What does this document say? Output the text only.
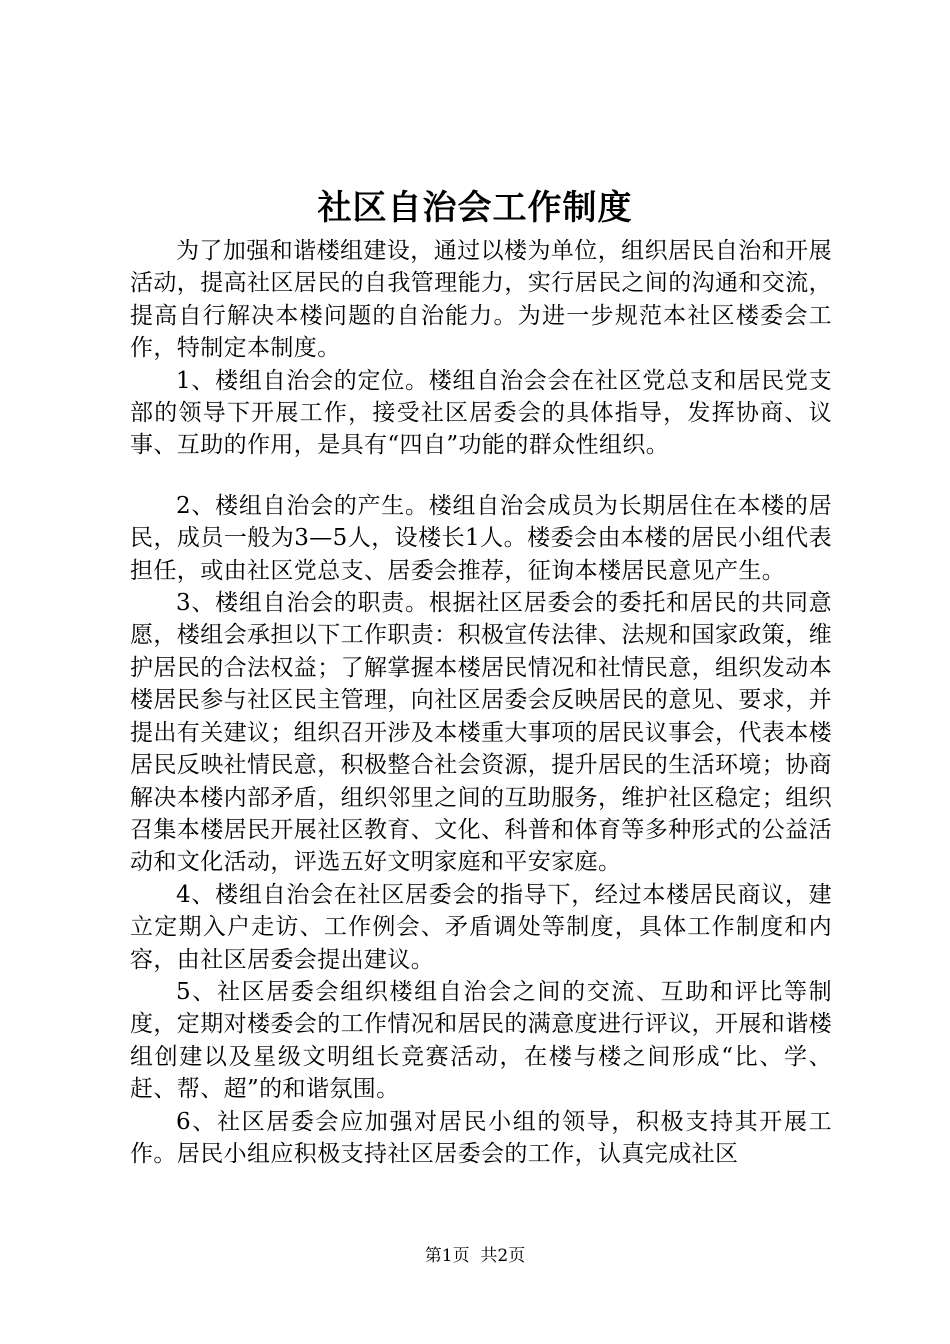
社区自治会工作制度

为了加强和谐楼组建设，通过以楼为单位，组织居民自治和开展活动，提高社区居民的自我管理能力，实行居民之间的沟通和交流，提高自行解决本楼问题的自治能力。为进一步规范本社区楼委会工作，特制定本制度。

1、楼组自治会的定位。楼组自治会会在社区党总支和居民党支部的领导下开展工作，接受社区居委会的具体指导，发挥协商、议事、互助的作用，是具有“四自”功能的群众性组织。

2、楼组自治会的产生。楼组自治会成员为长期居住在本楼的居民，成员一般为3—5人，设楼长1人。楼委会由本楼的居民小组代表担任，或由社区党总支、居委会推荐，征询本楼居民意见产生。

3、楼组自治会的职责。根据社区居委会的委托和居民的共同意愿，楼组会承担以下工作职责：积极宣传法律、法规和国家政策，维护居民的合法权益；了解掌握本楼居民情况和社情民意，组织发动本楼居民参与社区民主管理，向社区居委会反映居民的意见、要求，并提出有关建议；组织召开涉及本楼重大事项的居民议事会，代表本楼居民反映社情民意，积极整合社会资源，提升居民的生活环境；协商解决本楼内部矛盾，组织邻里之间的互助服务，维护社区稳定；组织召集本楼居民开展社区教育、文化、科普和体育等多种形式的公益活动和文化活动，评选五好文明家庭和平安家庭。

4、楼组自治会在社区居委会的指导下，经过本楼居民商议，建立定期入户走访、工作例会、矛盾调处等制度，具体工作制度和内容，由社区居委会提出建议。

5、社区居委会组织楼组自治会之间的交流、互助和评比等制度，定期对楼委会的工作情况和居民的满意度进行评议，开展和谐楼组创建以及星级文明组长竞赛活动，在楼与楼之间形成“比、学、赶、帮、超”的和谐氛围。

6、社区居委会应加强对居民小组的领导，积极支持其开展工作。居民小组应积极支持社区居委会的工作，认真完成社区

第1页 共2页
